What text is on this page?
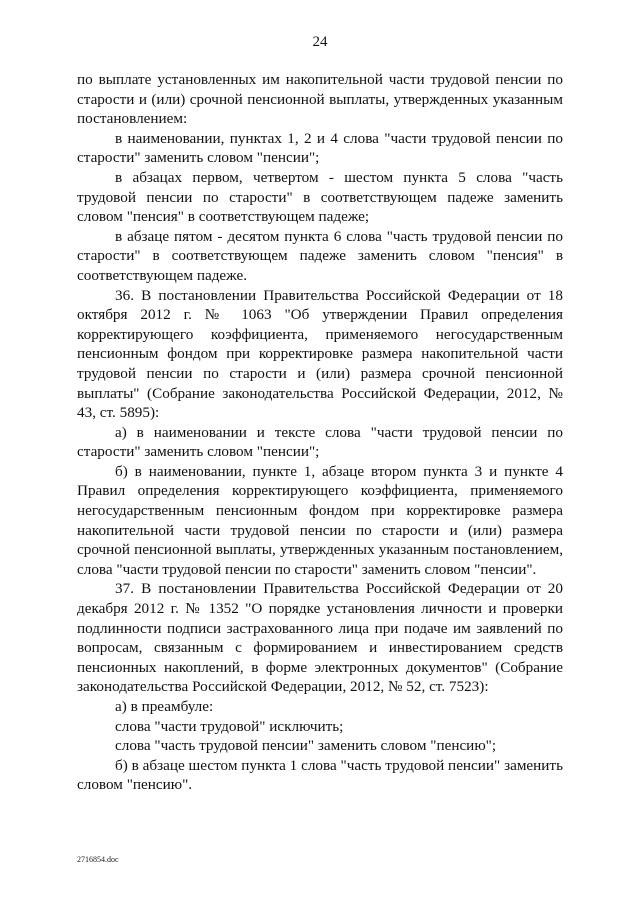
24

по выплате установленных им накопительной части трудовой пенсии по старости и (или) срочной пенсионной выплаты, утвержденных указанным постановлением:

в наименовании, пунктах 1, 2 и 4 слова "части трудовой пенсии по старости" заменить словом "пенсии";

в абзацах первом, четвертом - шестом пункта 5 слова "часть трудовой пенсии по старости" в соответствующем падеже заменить словом "пенсия" в соответствующем падеже;

в абзаце пятом - десятом пункта 6 слова "часть трудовой пенсии по старости" в соответствующем падеже заменить словом "пенсия" в соответствующем падеже.

36. В постановлении Правительства Российской Федерации от 18 октября 2012 г. № 1063 "Об утверждении Правил определения корректирующего коэффициента, применяемого негосударственным пенсионным фондом при корректировке размера накопительной части трудовой пенсии по старости и (или) размера срочной пенсионной выплаты" (Собрание законодательства Российской Федерации, 2012, № 43, ст. 5895):

а) в наименовании и тексте слова "части трудовой пенсии по старости" заменить словом "пенсии";

б) в наименовании, пункте 1, абзаце втором пункта 3 и пункте 4 Правил определения корректирующего коэффициента, применяемого негосударственным пенсионным фондом при корректировке размера накопительной части трудовой пенсии по старости и (или) размера срочной пенсионной выплаты, утвержденных указанным постановлением, слова "части трудовой пенсии по старости" заменить словом "пенсии".

37. В постановлении Правительства Российской Федерации от 20 декабря 2012 г. № 1352 "О порядке установления личности и проверки подлинности подписи застрахованного лица при подаче им заявлений по вопросам, связанным с формированием и инвестированием средств пенсионных накоплений, в форме электронных документов" (Собрание законодательства Российской Федерации, 2012, № 52, ст. 7523):

а) в преамбуле:

слова "части трудовой" исключить;

слова "часть трудовой пенсии" заменить словом "пенсию";

б) в абзаце шестом пункта 1 слова "часть трудовой пенсии" заменить словом "пенсию".

2716854.doc
